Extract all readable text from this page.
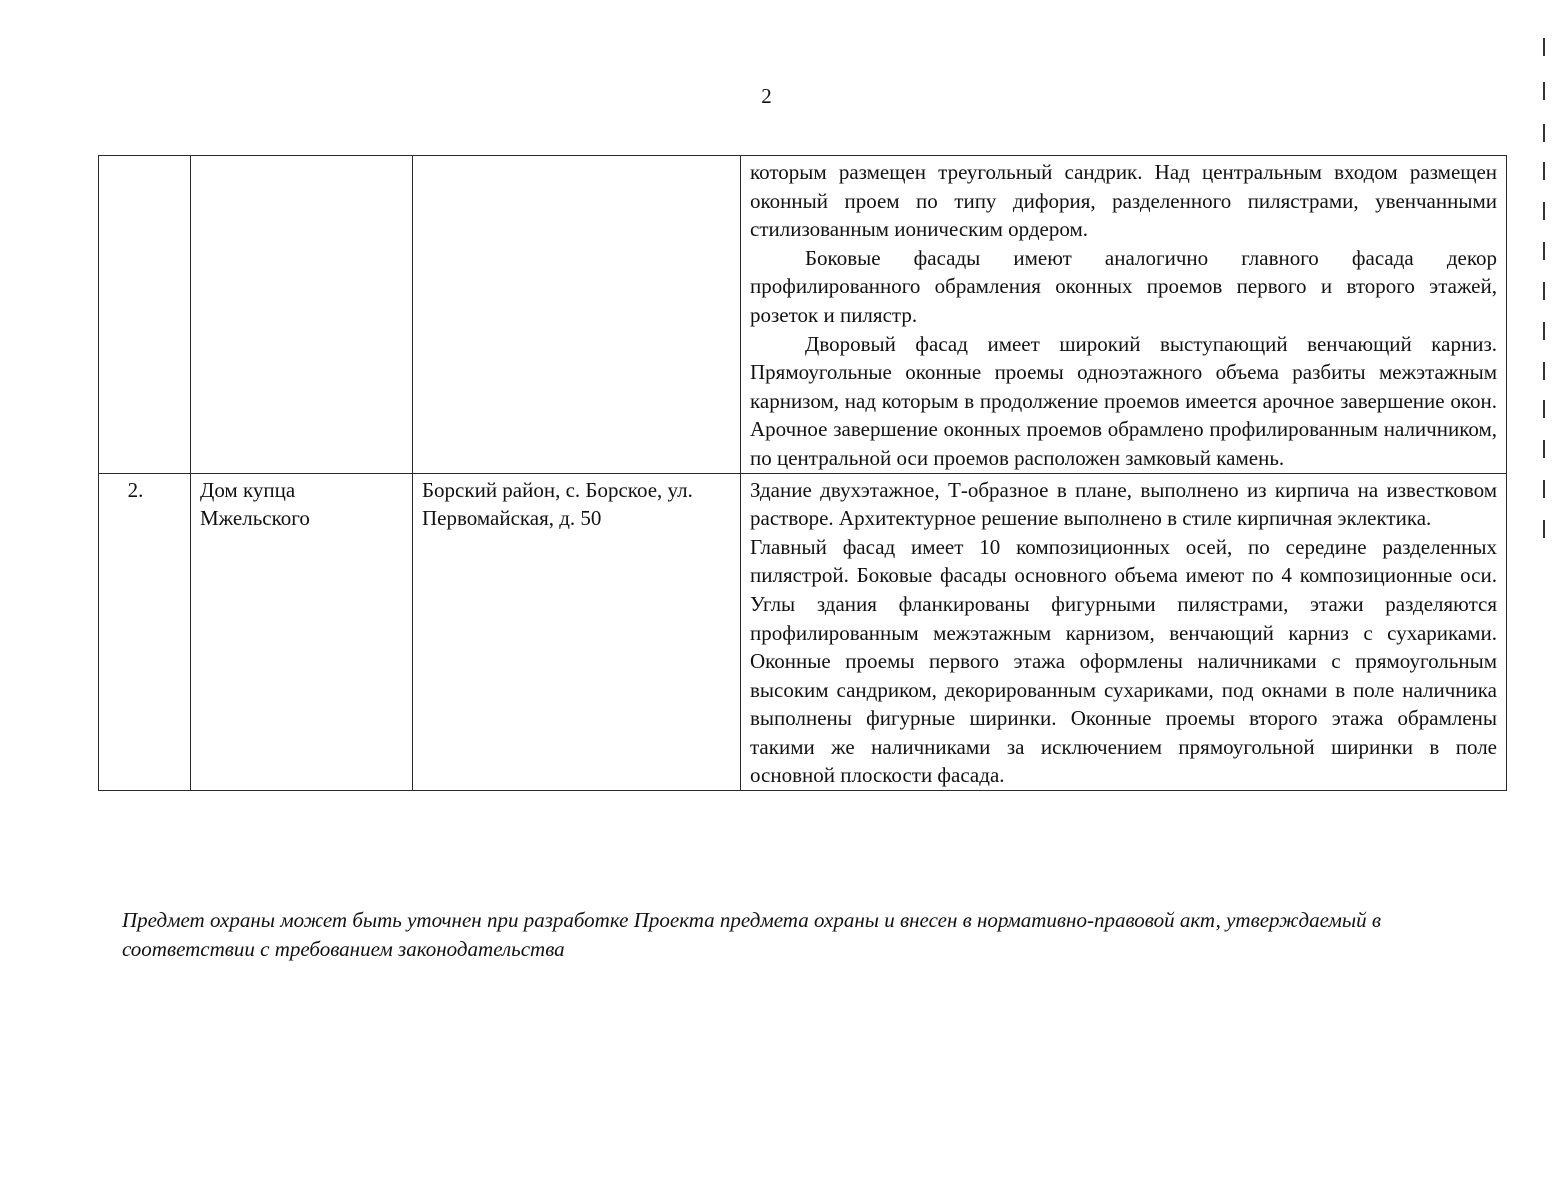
2

			которым размещен треугольный сандрик. Над центральным входом размещен оконный проем по типу дифория, разделенного пилястрами, увенчанными стилизованным ионическим ордером.

Боковые фасады имеют аналогично главного фасада декор профилированного обрамления оконных проемов первого и второго этажей, розеток и пилястр.

Дворовый фасад имеет широкий выступающий венчающий карниз. Прямоугольные оконные проемы одноэтажного объема разбиты межэтажным карнизом, над которым в продолжение проемов имеется арочное завершение окон. Арочное завершение оконных проемов обрамлено профилированным наличником, по центральной оси проемов расположен замковый камень.

2.	Дом купца Мжельского	Борский район, с. Борское, ул. Первомайская, д. 50	Здание двухэтажное, Т-образное в плане, выполнено из кирпича на известковом растворе. Архитектурное решение выполнено в стиле кирпичная эклектика.

Главный фасад имеет 10 композиционных осей, по середине разделенных пилястрой. Боковые фасады основного объема имеют по 4 композиционные оси. Углы здания фланкированы фигурными пилястрами, этажи разделяются профилированным межэтажным карнизом, венчающий карниз с сухариками. Оконные проемы первого этажа оформлены наличниками с прямоугольным высоким сандриком, декорированным сухариками, под окнами в поле наличника выполнены фигурные ширинки. Оконные проемы второго этажа обрамлены такими же наличниками за исключением прямоугольной ширинки в поле основной плоскости фасада.

Предмет охраны может быть уточнен при разработке Проекта предмета охраны и внесен в нормативно-правовой акт, утверждаемый в соответствии с требованием законодательства
